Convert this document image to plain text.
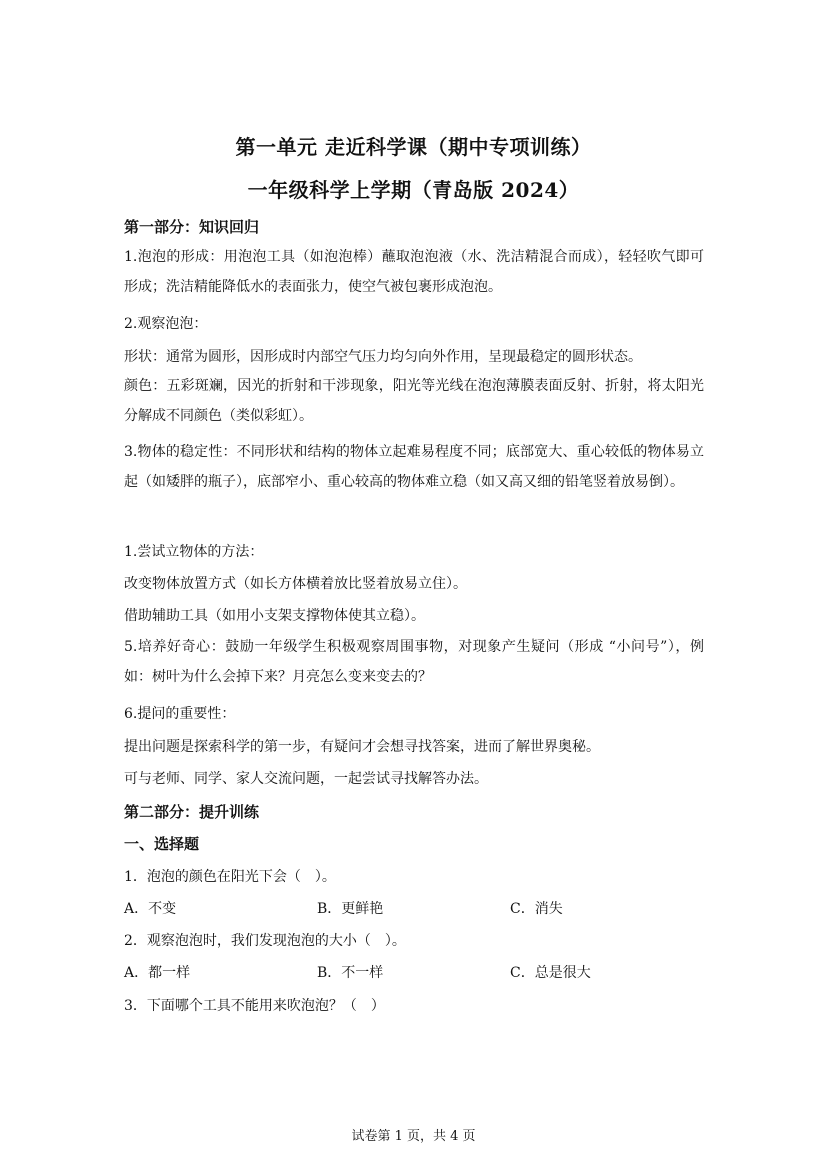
第一单元 走近科学课（期中专项训练）
一年级科学上学期（青岛版 2024）
第一部分：知识回归
1.泡泡的形成：用泡泡工具（如泡泡棒）蘸取泡泡液（水、洗洁精混合而成），轻轻吹气即可形成；洗洁精能降低水的表面张力，使空气被包裹形成泡泡。
2.观察泡泡：
形状：通常为圆形，因形成时内部空气压力均匀向外作用，呈现最稳定的圆形状态。
颜色：五彩斑斓，因光的折射和干涉现象，阳光等光线在泡泡薄膜表面反射、折射，将太阳光分解成不同颜色（类似彩虹）。
3.物体的稳定性：不同形状和结构的物体立起难易程度不同；底部宽大、重心较低的物体易立起（如矮胖的瓶子），底部窄小、重心较高的物体难立稳（如又高又细的铅笔竖着放易倒）。
1.尝试立物体的方法：
改变物体放置方式（如长方体横着放比竖着放易立住）。
借助辅助工具（如用小支架支撑物体使其立稳）。
5.培养好奇心：鼓励一年级学生积极观察周围事物，对现象产生疑问（形成 “小问号”），例如：树叶为什么会掉下来？月亮怎么变来变去的？
6.提问的重要性：
提出问题是探索科学的第一步，有疑问才会想寻找答案，进而了解世界奥秘。
可与老师、同学、家人交流问题，一起尝试寻找解答办法。
第二部分：提升训练
一、选择题
1．泡泡的颜色在阳光下会（　）。
A．不变	B．更鲜艳	C．消失
2．观察泡泡时，我们发现泡泡的大小（　）。
A．都一样	B．不一样	C．总是很大
3．下面哪个工具不能用来吹泡泡？（　）
试卷第 1 页，共 4 页
